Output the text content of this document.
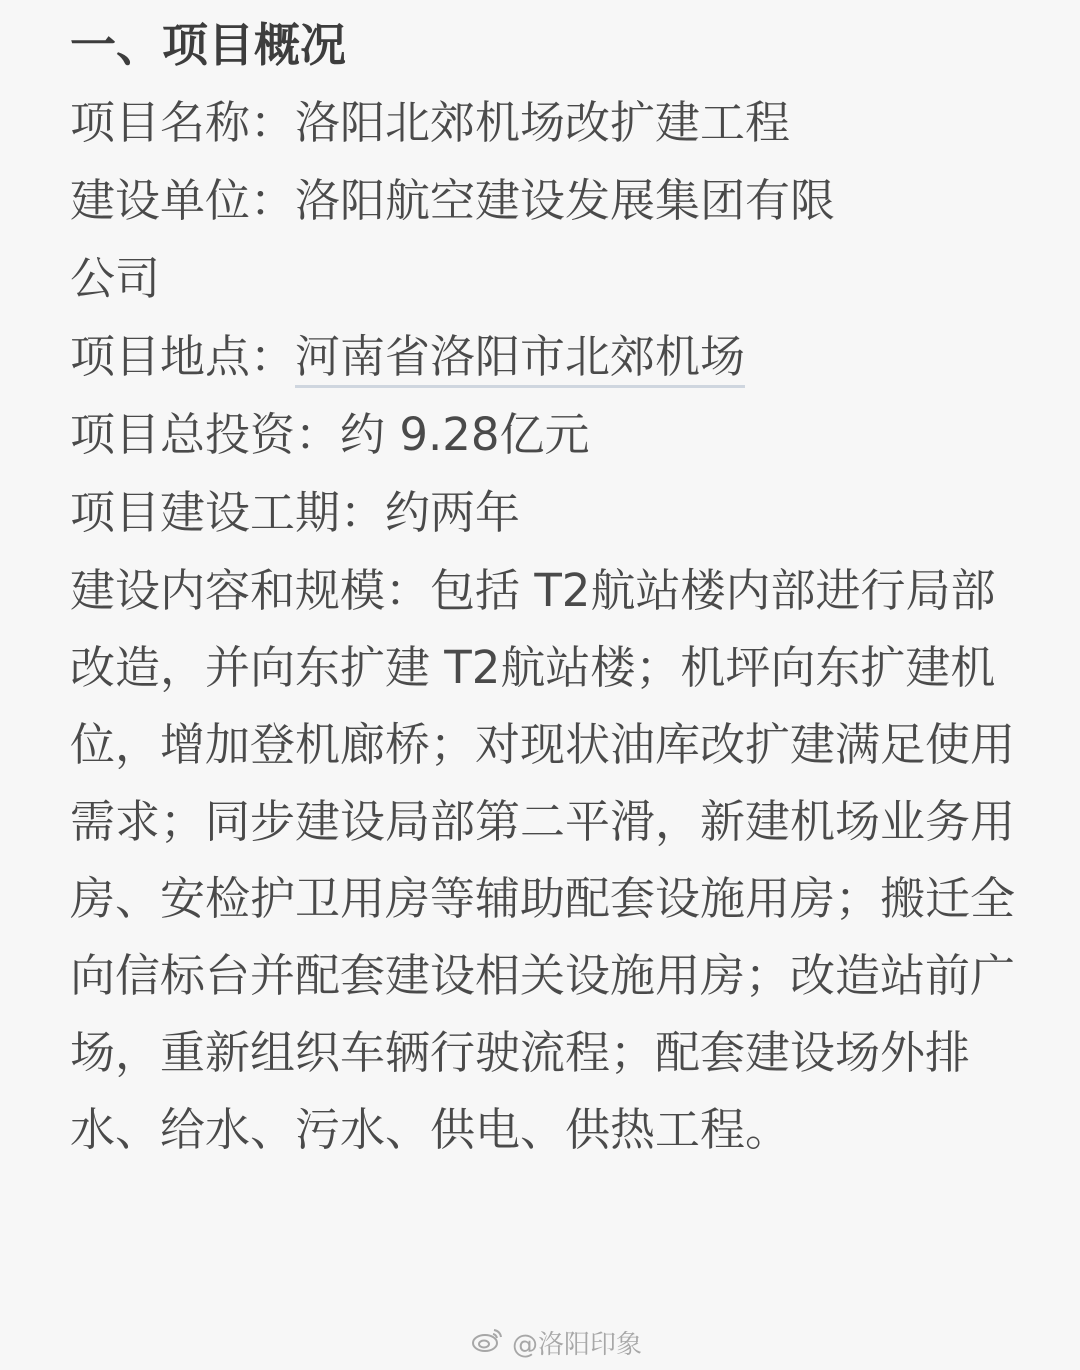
一、项目概况

项目名称：洛阳北郊机场改扩建工程

建设单位：洛阳航空建设发展集团有限

公司

项目地点：河南省洛阳市北郊机场

项目总投资：约 9.28亿元

项目建设工期：约两年

建设内容和规模：包括 T2航站楼内部进行局部改造，并向东扩建 T2航站楼；机坪向东扩建机位，增加登机廊桥；对现状油库改扩建满足使用需求；同步建设局部第二平滑，新建机场业务用房、安检护卫用房等辅助配套设施用房；搬迁全向信标台并配套建设相关设施用房；改造站前广场，重新组织车辆行驶流程；配套建设场外排水、给水、污水、供电、供热工程。

@洛阳印象
